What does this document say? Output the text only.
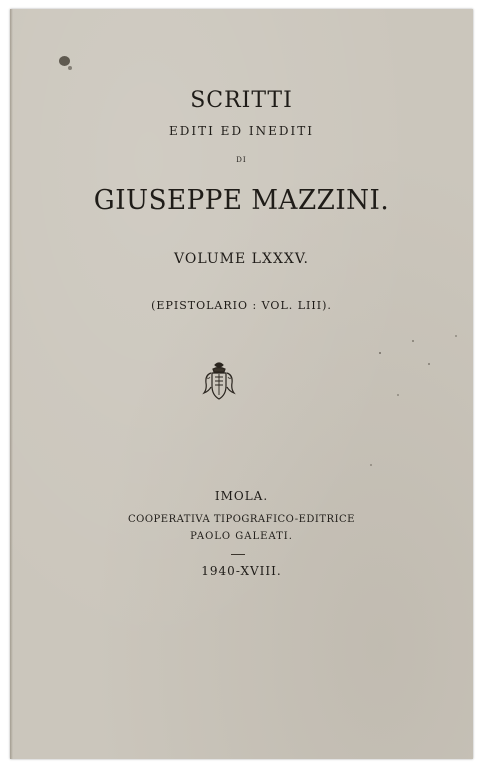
SCRITTI
EDITI ED INEDITI
DI
GIUSEPPE MAZZINI.
VOLUME LXXXV.
(EPISTOLARIO : VOL. LIII).
IMOLA.
COOPERATIVA TIPOGRAFICO-EDITRICE
PAOLO GALEATI.
1940-XVIII.
